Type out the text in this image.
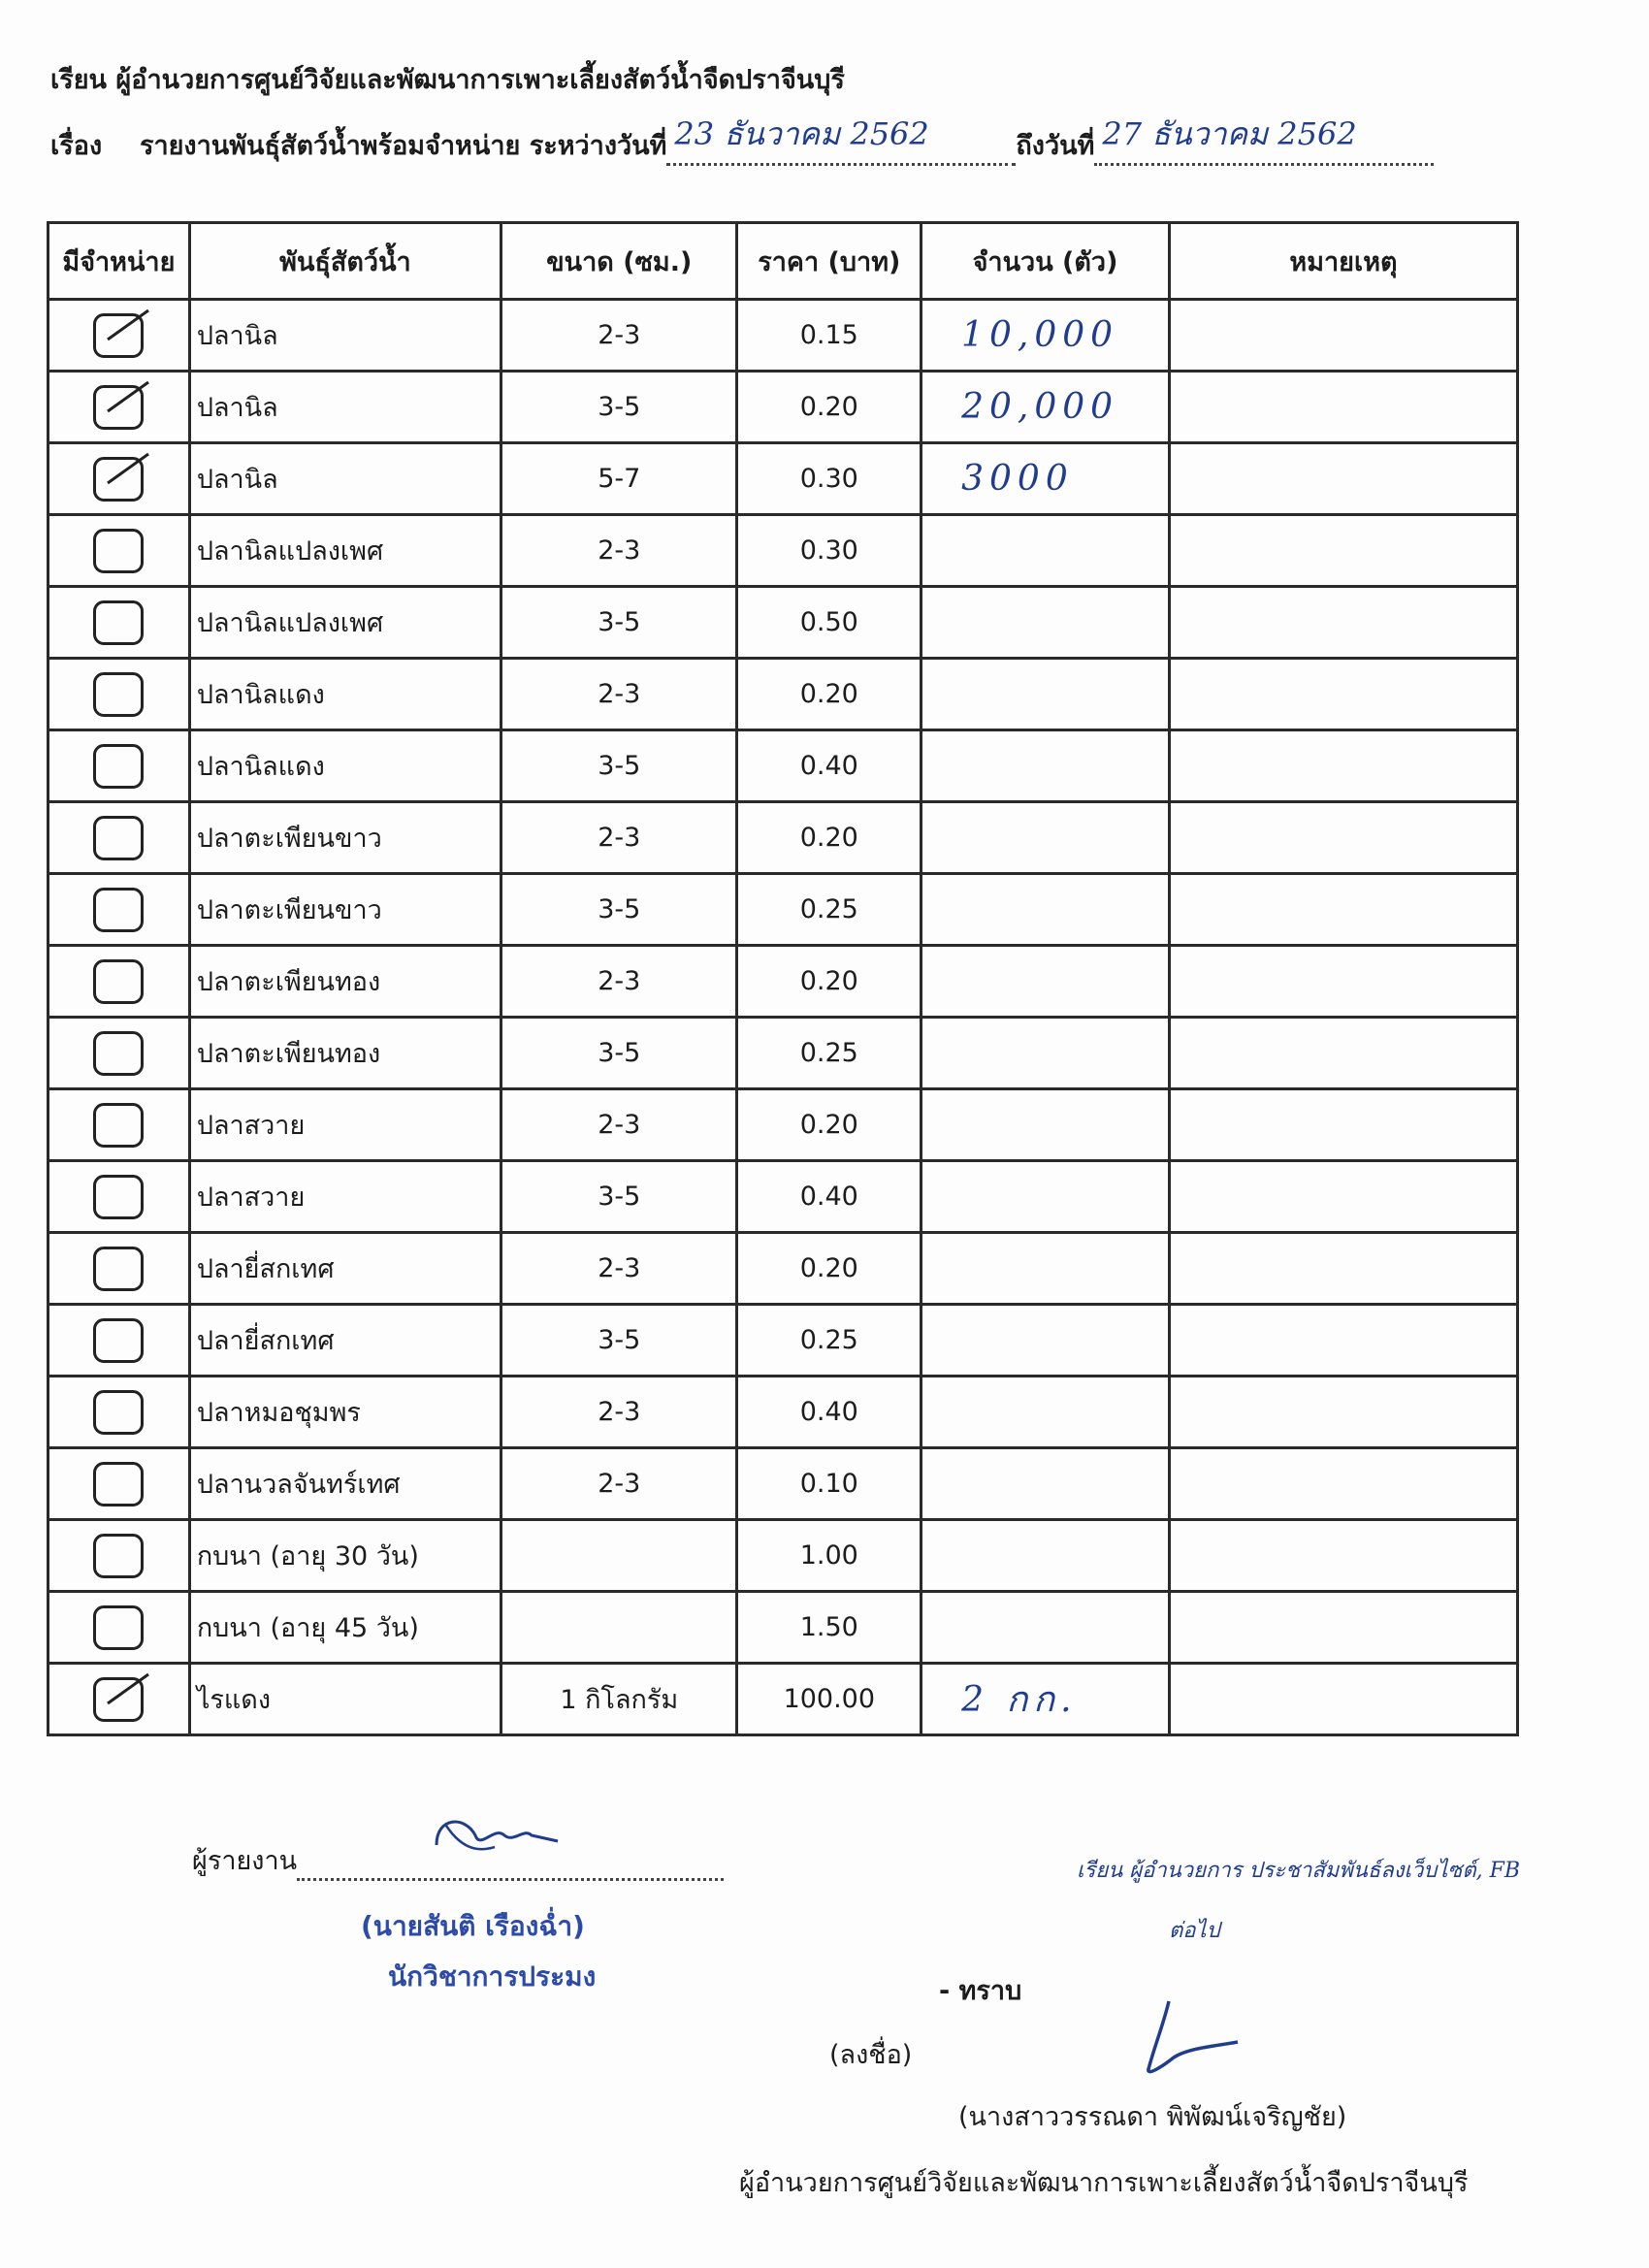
เรียน ผู้อำนวยการศูนย์วิจัยและพัฒนาการเพาะเลี้ยงสัตว์น้ำจืดปราจีนบุรี
เรื่อง รายงานพันธุ์สัตว์น้ำพร้อมจำหน่าย ระหว่างวันที่ 23 ธันวาคม 2562	ถึงวันที่ 27 ธันวาคม 2562
มีจำหน่าย	พันธุ์สัตว์น้ำ	ขนาด (ซม.)	ราคา (บาท)	จำนวน (ตัว)	หมายเหตุ

	ปลานิล	2-3	0.15	10,000	

	ปลานิล	3-5	0.20	20,000	

	ปลานิล	5-7	0.30	3000	
	ปลานิลแปลงเพศ	2-3	0.30		
	ปลานิลแปลงเพศ	3-5	0.50		
	ปลานิลแดง	2-3	0.20		
	ปลานิลแดง	3-5	0.40		
	ปลาตะเพียนขาว	2-3	0.20		
	ปลาตะเพียนขาว	3-5	0.25		
	ปลาตะเพียนทอง	2-3	0.20		
	ปลาตะเพียนทอง	3-5	0.25		
	ปลาสวาย	2-3	0.20		
	ปลาสวาย	3-5	0.40		
	ปลายี่สกเทศ	2-3	0.20		
	ปลายี่สกเทศ	3-5	0.25		
	ปลาหมอชุมพร	2-3	0.40		
	ปลานวลจันทร์เทศ	2-3	0.10		
	กบนา (อายุ 30 วัน)		1.00		
	กบนา (อายุ 45 วัน)		1.50		

	ไรแดง	1 กิโลกรัม	100.00	2 กก.	
ผู้รายงาน
(นายสันติ เรืองฉ่ำ)
นักวิชาการประมง
เรียน ผู้อำนวยการ ประชาสัมพันธ์ลงเว็บไซต์, FB
ต่อไป
- ทราบ
(ลงชื่อ)
(นางสาววรรณดา พิพัฒน์เจริญชัย)
ผู้อำนวยการศูนย์วิจัยและพัฒนาการเพาะเลี้ยงสัตว์น้ำจืดปราจีนบุรี
